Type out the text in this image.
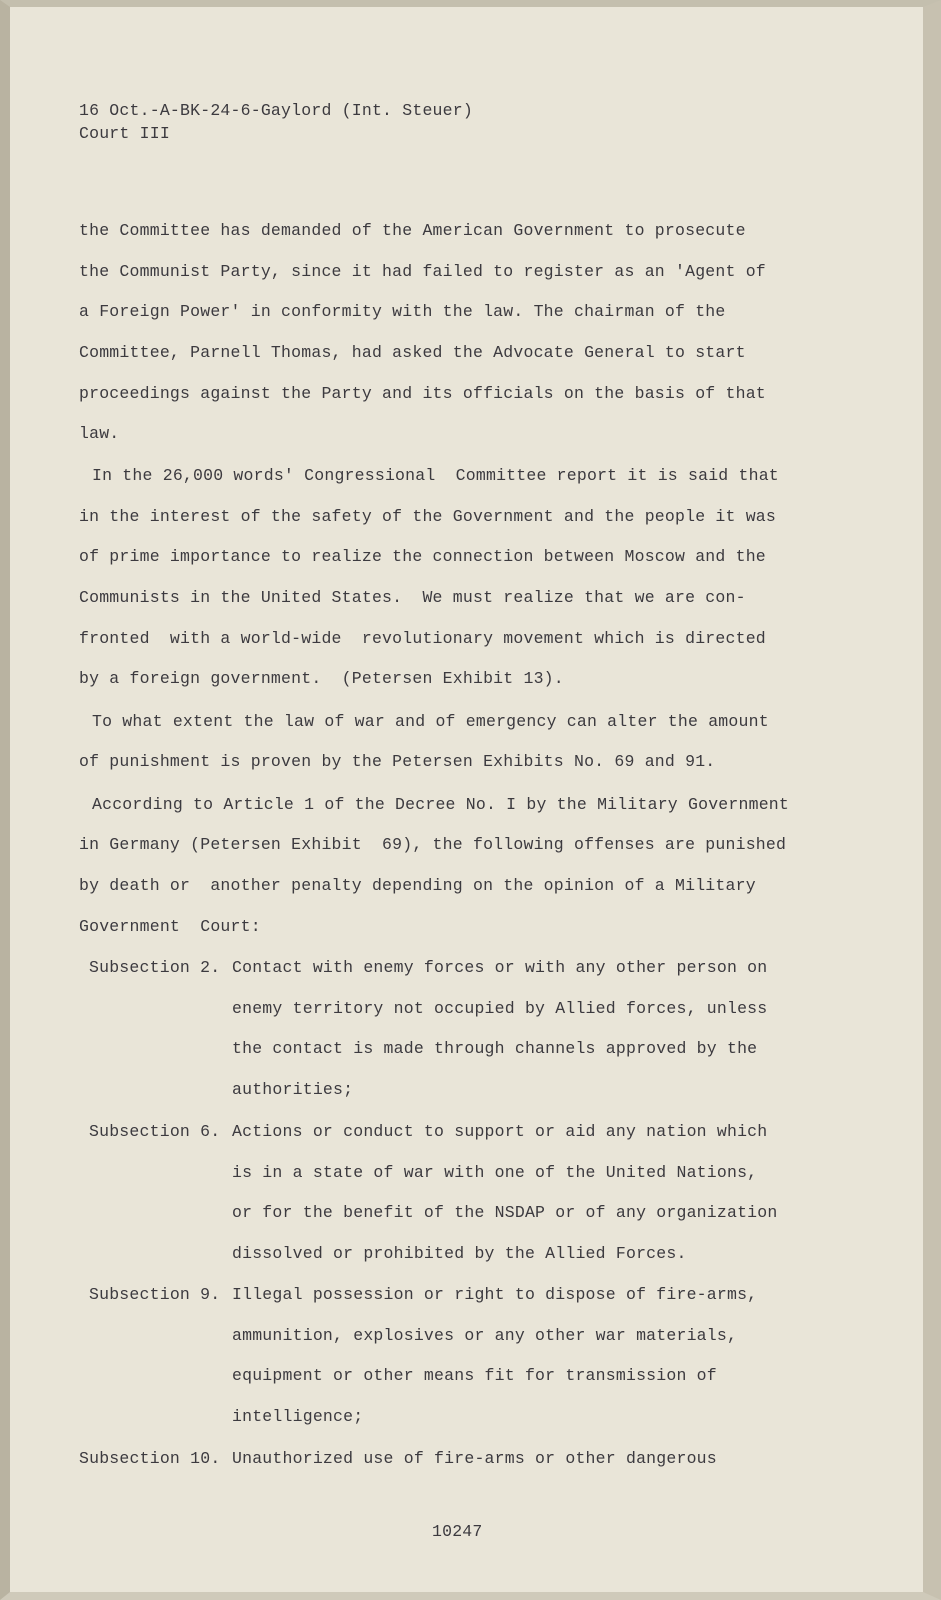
16 Oct.-A-BK-24-6-Gaylord (Int. Steuer)
Court III
the Committee has demanded of the American Government to prosecute
the Communist Party, since it had failed to register as an 'Agent of
a Foreign Power' in conformity with the law. The chairman of the
Committee, Parnell Thomas, had asked the Advocate General to start
proceedings against the Party and its officials on the basis of that
law.
In the 26,000 words' Congressional  Committee report it is said that
in the interest of the safety of the Government and the people it was
of prime importance to realize the connection between Moscow and the
Communists in the United States.  We must realize that we are con-
fronted  with a world-wide  revolutionary movement which is directed
by a foreign government.  (Petersen Exhibit 13).
To what extent the law of war and of emergency can alter the amount
of punishment is proven by the Petersen Exhibits No. 69 and 91.
According to Article 1 of the Decree No. I by the Military Government
in Germany (Petersen Exhibit  69), the following offenses are punished
by death or  another penalty depending on the opinion of a Military
Government  Court:
Subsection 2. Contact with enemy forces or with any other person on
enemy territory not occupied by Allied forces, unless
the contact is made through channels approved by the
authorities;
Subsection 6. Actions or conduct to support or aid any nation which
is in a state of war with one of the United Nations,
or for the benefit of the NSDAP or of any organization
dissolved or prohibited by the Allied Forces.
Subsection 9. Illegal possession or right to dispose of fire-arms,
ammunition, explosives or any other war materials,
equipment or other means fit for transmission of
intelligence;
Subsection 10. Unauthorized use of fire-arms or other dangerous
10247
